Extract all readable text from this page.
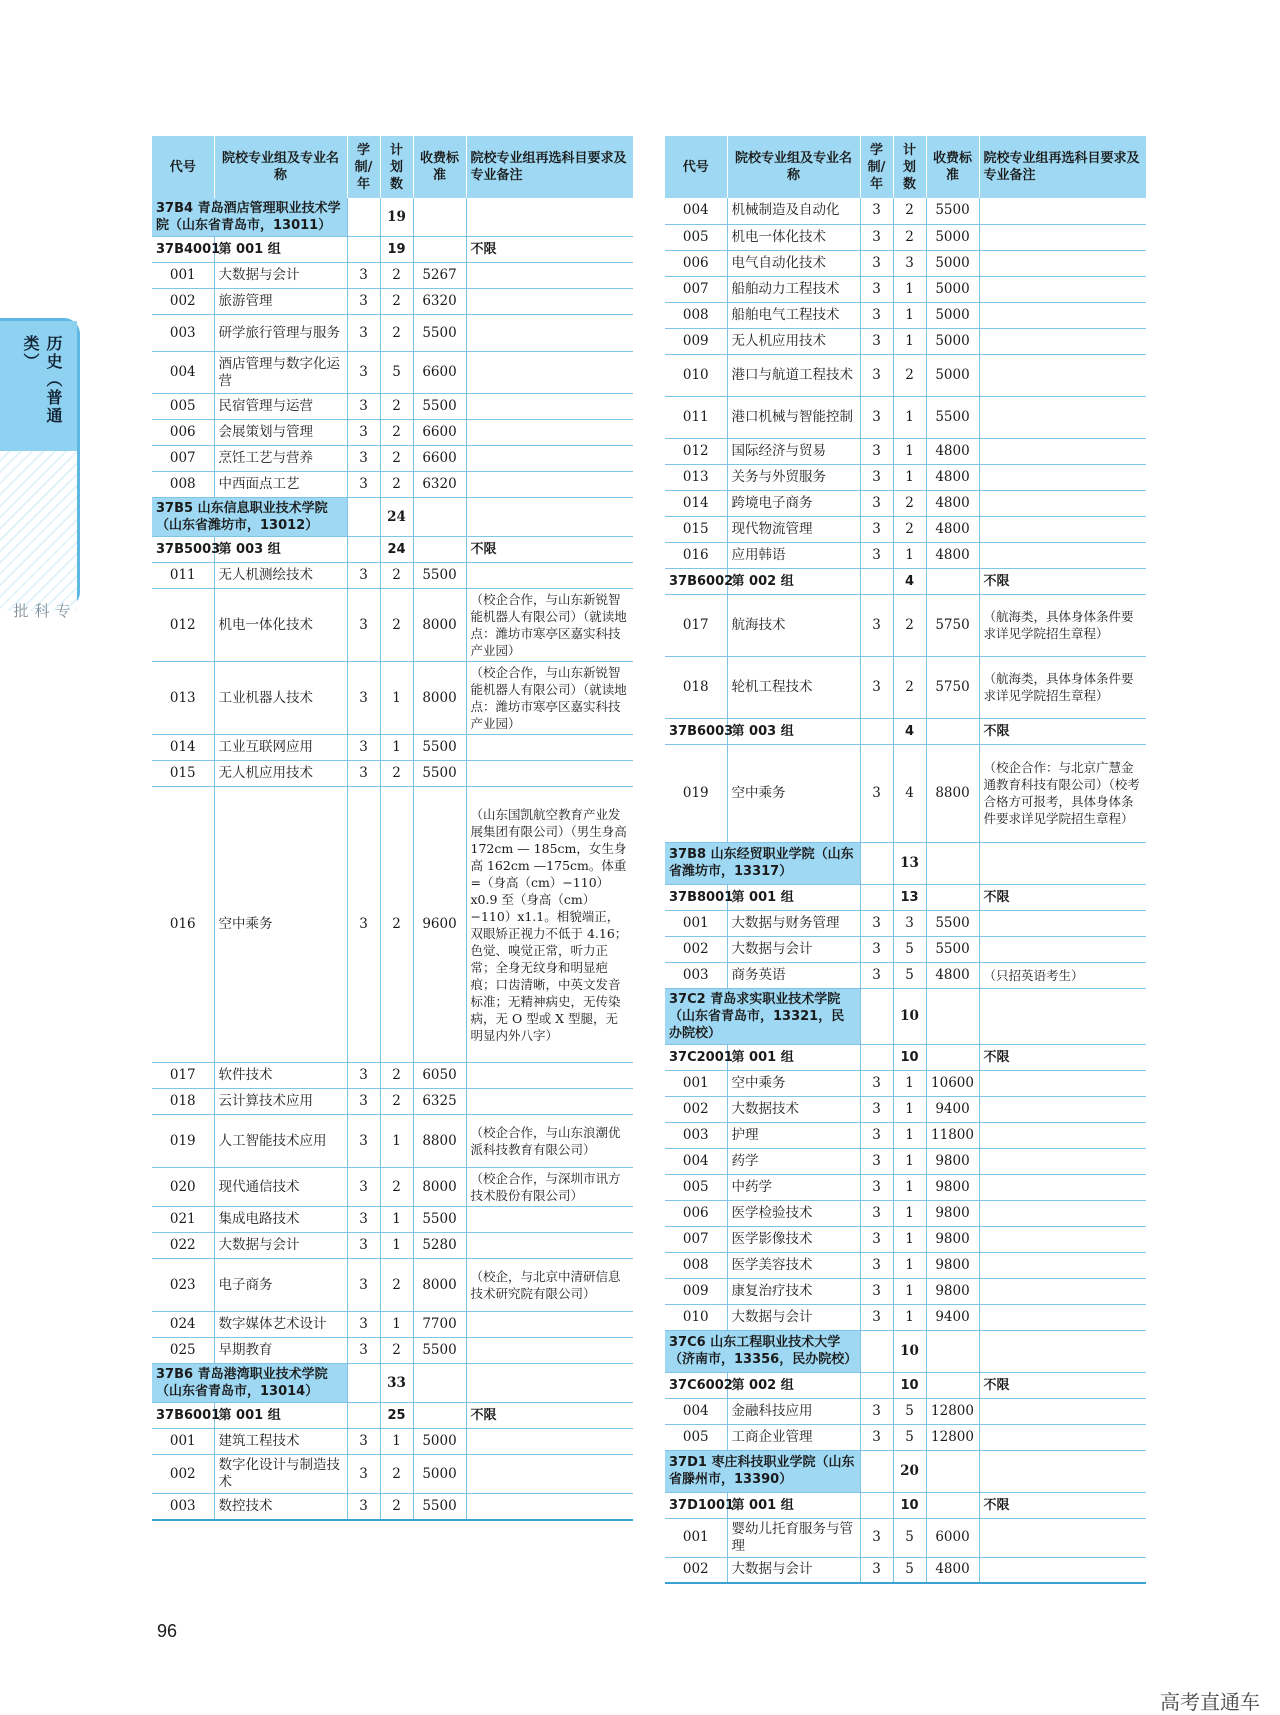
历史（普通类）
专科批
代号	院校专业组及专业名称	学制/年	计划数	收费标准	院校专业组再选科目要求及专业备注
37B4 青岛酒店管理职业技术学院（山东省青岛市，13011）			19		
37B4001	第 001 组		19		不限
001	大数据与会计	3	2	5267	
002	旅游管理	3	2	6320	
003	研学旅行管理与服务	3	2	5500	
004	酒店管理与数字化运营	3	5	6600	
005	民宿管理与运营	3	2	5500	
006	会展策划与管理	3	2	6600	
007	烹饪工艺与营养	3	2	6600	
008	中西面点工艺	3	2	6320	
37B5 山东信息职业技术学院（山东省潍坊市，13012）			24		
37B5003	第 003 组		24		不限
011	无人机测绘技术	3	2	5500	
012	机电一体化技术	3	2	8000	（校企合作，与山东新锐智能机器人有限公司）（就读地点：潍坊市寒亭区嘉实科技产业园）
013	工业机器人技术	3	1	8000	（校企合作，与山东新锐智能机器人有限公司）（就读地点：潍坊市寒亭区嘉实科技产业园）
014	工业互联网应用	3	1	5500	
015	无人机应用技术	3	2	5500	
016	空中乘务	3	2	9600	（山东国凯航空教育产业发展集团有限公司）（男生身高 172cm — 185cm，女生身高 162cm —175cm。体重 =（身高（cm）−110）x0.9 至（身高（cm）−110）x1.1。相貌端正，双眼矫正视力不低于 4.16；色觉、嗅觉正常，听力正常；全身无纹身和明显疤痕；口齿清晰，中英文发音标准；无精神病史，无传染病，无 O 型或 X 型腿，无明显内外八字）
017	软件技术	3	2	6050	
018	云计算技术应用	3	2	6325	
019	人工智能技术应用	3	1	8800	（校企合作，与山东浪潮优派科技教育有限公司）
020	现代通信技术	3	2	8000	（校企合作，与深圳市讯方技术股份有限公司）
021	集成电路技术	3	1	5500	
022	大数据与会计	3	1	5280	
023	电子商务	3	2	8000	（校企，与北京中清研信息技术研究院有限公司）
024	数字媒体艺术设计	3	1	7700	
025	早期教育	3	2	5500	
37B6 青岛港湾职业技术学院（山东省青岛市，13014）			33		
37B6001	第 001 组		25		不限
001	建筑工程技术	3	1	5000	
002	数字化设计与制造技术	3	2	5000	
003	数控技术	3	2	5500	
代号	院校专业组及专业名称	学制/年	计划数	收费标准	院校专业组再选科目要求及专业备注
004	机械制造及自动化	3	2	5500	
005	机电一体化技术	3	2	5000	
006	电气自动化技术	3	3	5000	
007	船舶动力工程技术	3	1	5000	
008	船舶电气工程技术	3	1	5000	
009	无人机应用技术	3	1	5000	
010	港口与航道工程技术	3	2	5000	
011	港口机械与智能控制	3	1	5500	
012	国际经济与贸易	3	1	4800	
013	关务与外贸服务	3	1	4800	
014	跨境电子商务	3	2	4800	
015	现代物流管理	3	2	4800	
016	应用韩语	3	1	4800	
37B6002	第 002 组		4		不限
017	航海技术	3	2	5750	（航海类，具体身体条件要求详见学院招生章程）
018	轮机工程技术	3	2	5750	（航海类，具体身体条件要求详见学院招生章程）
37B6003	第 003 组		4		不限
019	空中乘务	3	4	8800	（校企合作：与北京广慧金通教育科技有限公司）（校考合格方可报考，具体身体条件要求详见学院招生章程）
37B8 山东经贸职业学院（山东省潍坊市，13317）			13		
37B8001	第 001 组		13		不限
001	大数据与财务管理	3	3	5500	
002	大数据与会计	3	5	5500	
003	商务英语	3	5	4800	（只招英语考生）
37C2 青岛求实职业技术学院（山东省青岛市，13321，民办院校）			10		
37C2001	第 001 组		10		不限
001	空中乘务	3	1	10600	
002	大数据技术	3	1	9400	
003	护理	3	1	11800	
004	药学	3	1	9800	
005	中药学	3	1	9800	
006	医学检验技术	3	1	9800	
007	医学影像技术	3	1	9800	
008	医学美容技术	3	1	9800	
009	康复治疗技术	3	1	9800	
010	大数据与会计	3	1	9400	
37C6 山东工程职业技术大学（济南市，13356，民办院校）			10		
37C6002	第 002 组		10		不限
004	金融科技应用	3	5	12800	
005	工商企业管理	3	5	12800	
37D1 枣庄科技职业学院（山东省滕州市，13390）			20		
37D1001	第 001 组		10		不限
001	婴幼儿托育服务与管理	3	5	6000	
002	大数据与会计	3	5	4800	
96
高考直通车
